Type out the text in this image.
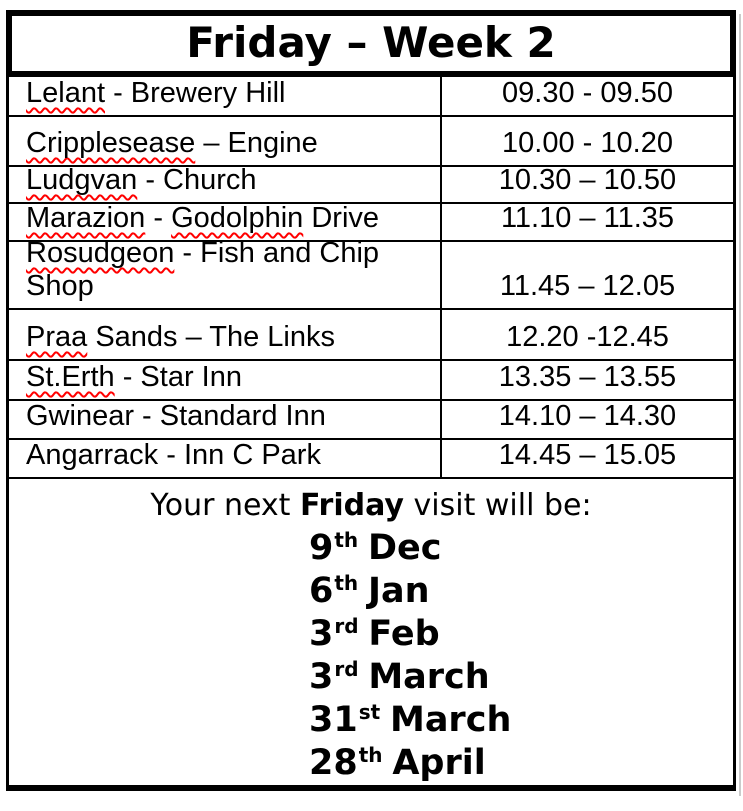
Friday – Week 2

Lelant - Brewery Hill	09.30 - 09.50

Cripplesease – Engine	10.00 - 10.20

Ludgvan - Church	10.30 – 10.50

Marazion - Godolphin Drive	11.10 – 11.35

Rosudgeon - Fish and Chip Shop	11.45 – 12.05

Praa Sands – The Links	12.20 -12.45

St.Erth - Star Inn	13.35 – 13.55

Gwinear - Standard Inn	14.10 – 14.30

Angarrack - Inn C Park	14.45 – 15.05
Your next Friday visit will be:
9th Dec
6th Jan
3rd Feb
3rd March
31st March
28th April
